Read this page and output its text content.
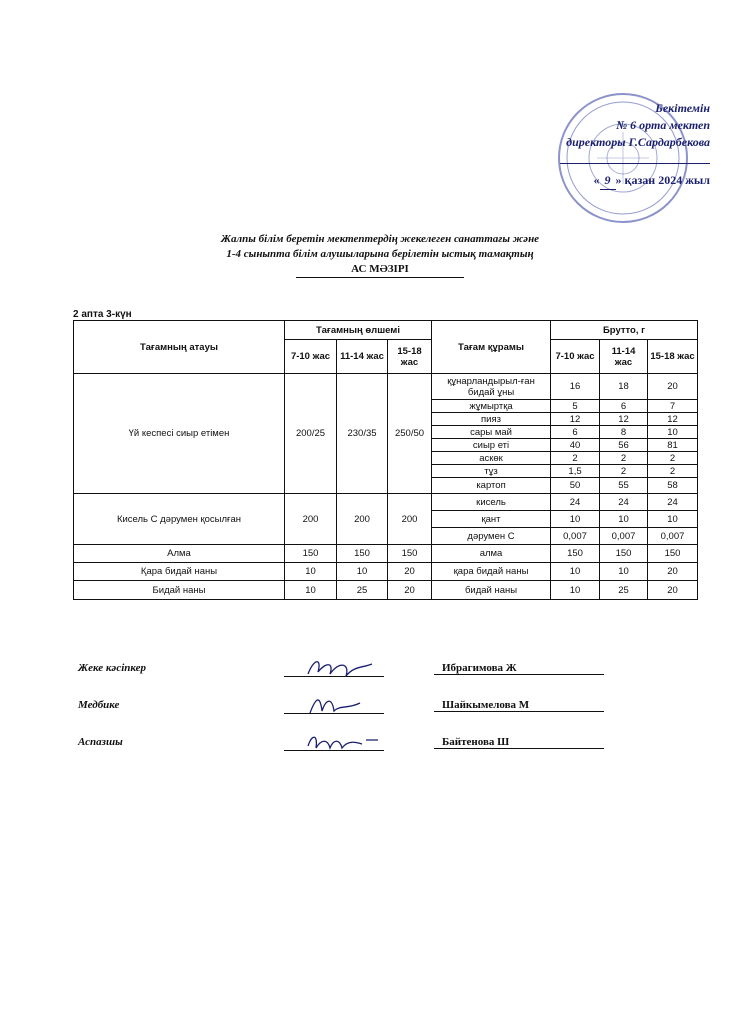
Бекітемін
№ 6 орта мектеп
директоры Г.Сардарбекова
« 9 » қазан 2024 жыл
Жалпы білім беретін мектептердің жекелеген санаттағы және
1-4 сыныпта білім алушыларына берілетін ыстық тамақтың
АС МӘЗІРІ
2 апта 3-күн
Тағамның атауы	Тағамның өлшемі			Тағам құрамы	Брутто, г		
	7-10 жас	11-14 жас	15-18 жас		7-10 жас	11-14 жас	15-18 жас
Үй кеспесі сиыр етімен	200/25	230/35	250/50	құнарландырыл-ған бидай ұны	16	18	20
				жұмыртқа	5	6	7
				пияз	12	12	12
				сары май	6	8	10
				сиыр еті	40	56	81
				аскөк	2	2	2
				тұз	1,5	2	2
				картоп	50	55	58
Кисель С дәрумен қосылған	200	200	200	кисель	24	24	24
				қант	10	10	10
				дәрумен С	0,007	0,007	0,007
Алма	150	150	150	алма	150	150	150
Қара бидай наны	10	10	20	қара бидай наны	10	10	20
Бидай наны	10	25	20	бидай наны	10	25	20
Жеке кәсіпкер	Ибрагимова Ж
Медбике	Шайкымелова М
Аспазшы	Байтенова Ш
